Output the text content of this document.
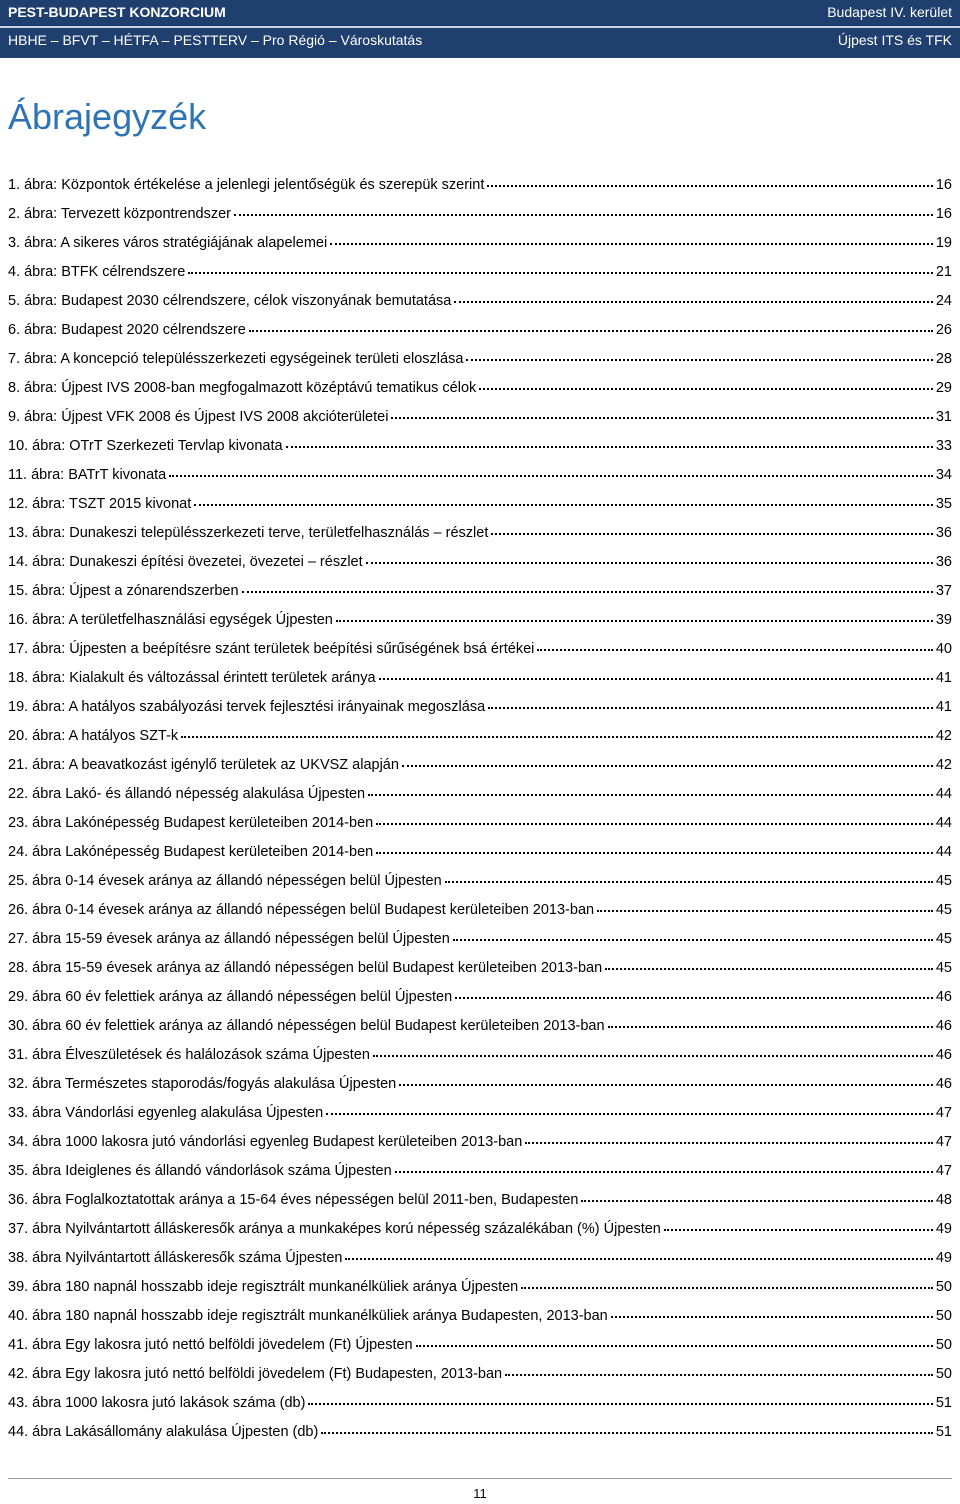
PEST-BUDAPEST KONZORCIUM	Budapest IV. kerület
HBHE – BFVT – HÉTFA – PESTTERV – Pro Régió – Városkutatás	Újpest ITS és TFK
Ábrajegyzék
1. ábra: Központok értékelése a jelenlegi jelentőségük és szerepük szerint	16
2. ábra: Tervezett központrendszer	16
3. ábra: A sikeres város stratégiájának alapelemei	19
4. ábra: BTFK célrendszere	21
5. ábra: Budapest 2030 célrendszere, célok viszonyának bemutatása	24
6. ábra: Budapest 2020 célrendszere	26
7. ábra: A koncepció településszerkezeti egységeinek területi eloszlása	28
8. ábra: Újpest IVS 2008-ban megfogalmazott középtávú tematikus célok	29
9. ábra: Újpest VFK 2008 és Újpest IVS 2008 akcióterületei	31
10. ábra: OTrT Szerkezeti Tervlap kivonata	33
11. ábra: BATrT kivonata	34
12. ábra: TSZT 2015 kivonat	35
13. ábra: Dunakeszi településszerkezeti terve, területfelhasználás – részlet	36
14. ábra: Dunakeszi építési övezetei, övezetei – részlet	36
15. ábra: Újpest a zónarendszerben	37
16. ábra: A területfelhasználási egységek Újpesten	39
17. ábra: Újpesten a beépítésre szánt területek beépítési sűrűségének bsá értékei	40
18. ábra: Kialakult és változással érintett területek aránya	41
19. ábra: A hatályos szabályozási tervek fejlesztési irányainak megoszlása	41
20. ábra: A hatályos SZT-k	42
21. ábra: A beavatkozást igénylő területek az UKVSZ alapján	42
22. ábra Lakó- és állandó népesség alakulása Újpesten	44
23. ábra Lakónépesség Budapest kerületeiben 2014-ben	44
24. ábra Lakónépesség Budapest kerületeiben 2014-ben	44
25. ábra 0-14 évesek aránya az állandó népességen belül Újpesten	45
26. ábra 0-14 évesek aránya az állandó népességen belül Budapest kerületeiben 2013-ban	45
27. ábra 15-59 évesek aránya az állandó népességen belül Újpesten	45
28. ábra 15-59 évesek aránya az állandó népességen belül Budapest kerületeiben 2013-ban	45
29. ábra 60 év felettiek aránya az állandó népességen belül Újpesten	46
30. ábra 60 év felettiek aránya az állandó népességen belül Budapest kerületeiben 2013-ban	46
31. ábra Élveszületések és halálozások száma Újpesten	46
32. ábra Természetes staporodás/fogyás alakulása Újpesten	46
33. ábra Vándorlási egyenleg alakulása Újpesten	47
34. ábra 1000 lakosra jutó vándorlási egyenleg Budapest kerületeiben 2013-ban	47
35. ábra Ideiglenes és állandó vándorlások száma Újpesten	47
36. ábra Foglalkoztatottak aránya a 15-64 éves népességen belül 2011-ben, Budapesten	48
37. ábra Nyilvántartott álláskeresők aránya a munkaképes korú népesség százalékában (%) Újpesten	49
38. ábra Nyilvántartott álláskeresők száma Újpesten	49
39. ábra 180 napnál hosszabb ideje regisztrált munkanélküliek aránya Újpesten	50
40. ábra 180 napnál hosszabb ideje regisztrált munkanélküliek aránya Budapesten, 2013-ban	50
41. ábra Egy lakosra jutó nettó belföldi jövedelem (Ft) Újpesten	50
42. ábra Egy lakosra jutó nettó belföldi jövedelem (Ft) Budapesten, 2013-ban	50
43. ábra 1000 lakosra jutó lakások száma (db)	51
44. ábra Lakásállomány alakulása Újpesten (db)	51
11
